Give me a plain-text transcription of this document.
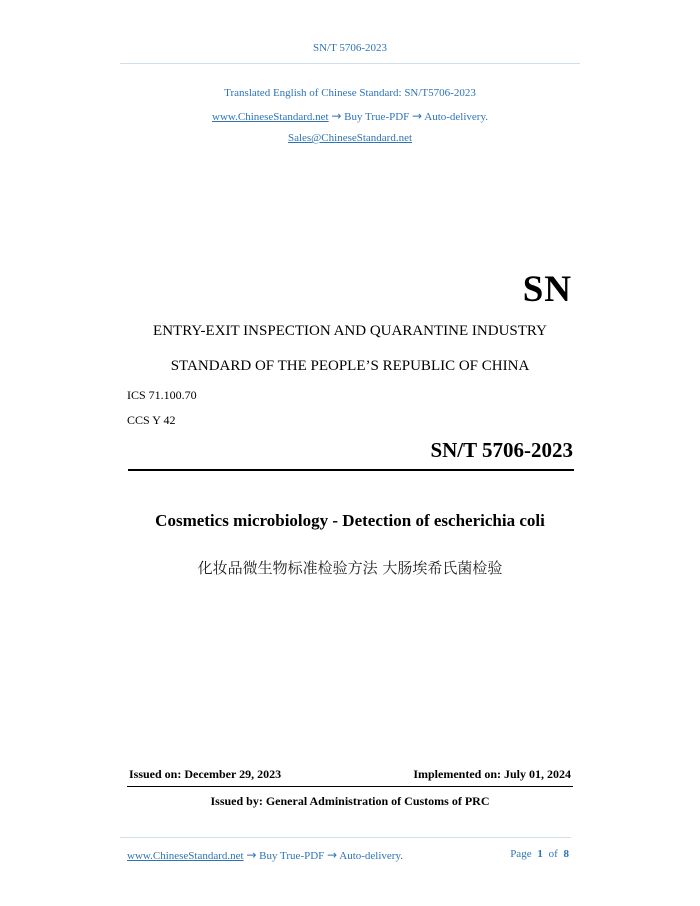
SN/T 5706-2023
Translated English of Chinese Standard: SN/T5706-2023
www.ChineseStandard.net → Buy True-PDF → Auto-delivery.
Sales@ChineseStandard.net
SN
ENTRY-EXIT INSPECTION AND QUARANTINE INDUSTRY
STANDARD OF THE PEOPLE’S REPUBLIC OF CHINA
ICS 71.100.70
CCS Y 42
SN/T 5706-2023
Cosmetics microbiology - Detection of escherichia coli
化妆品微生物标准检验方法 大肠埃希氏菌检验
Issued on: December 29, 2023	Implemented on: July 01, 2024
Issued by: General Administration of Customs of PRC
www.ChineseStandard.net → Buy True-PDF → Auto-delivery.	Page 1 of 8
